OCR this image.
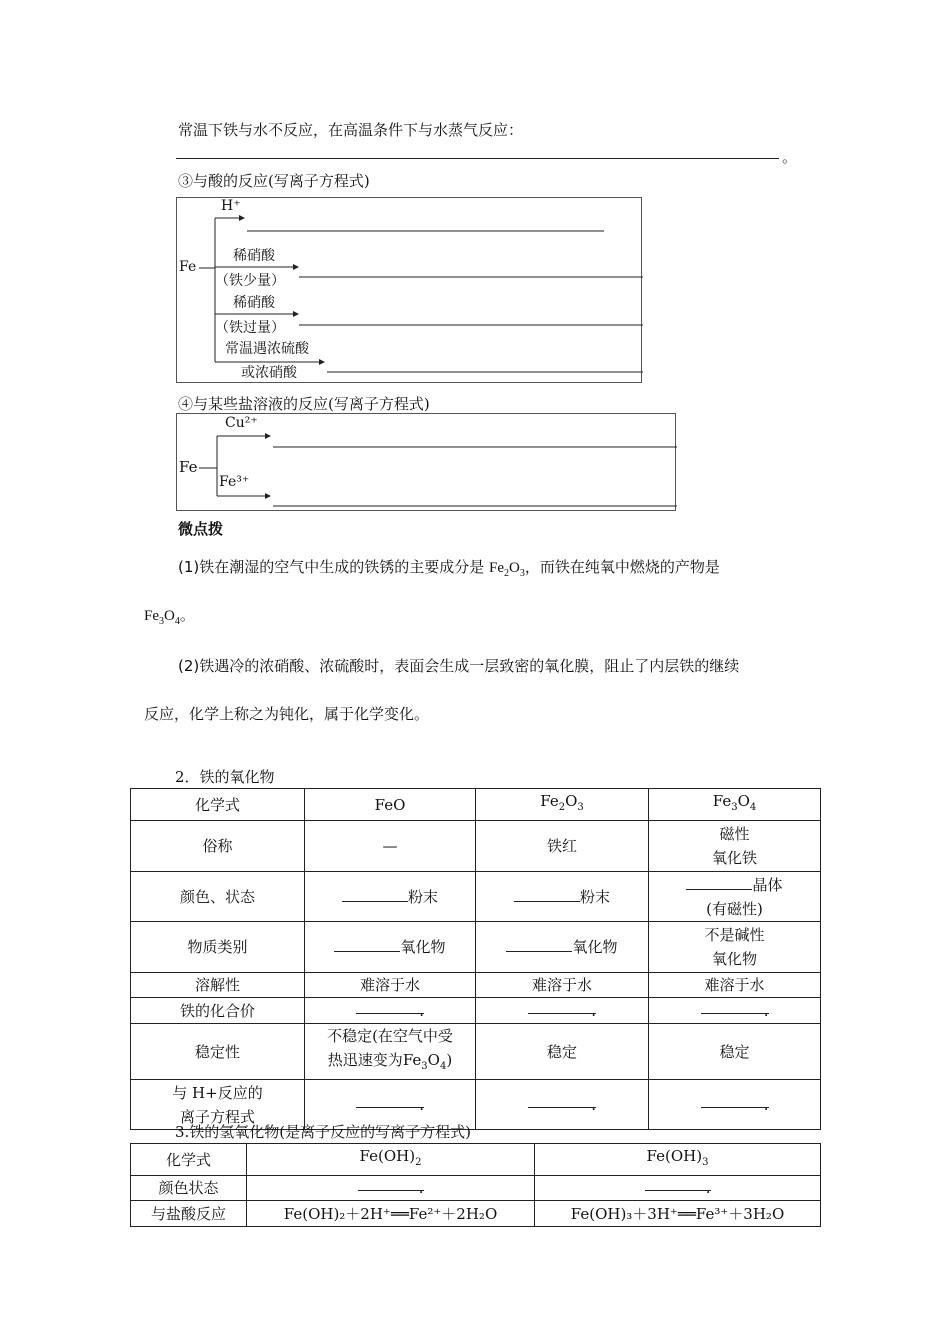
常温下铁与水不反应，在高温条件下与水蒸气反应：
。
③与酸的反应(写离子方程式)
Fe
H⁺
稀硝酸
（铁少量）
稀硝酸
（铁过量）
常温遇浓硫酸
或浓硝酸
④与某些盐溶液的反应(写离子方程式)
Fe
Cu²⁺
Fe³⁺
微点拨
(1)铁在潮湿的空气中生成的铁锈的主要成分是 $Fe_2O_3$，而铁在纯氧中燃烧的产物是
$Fe_3O_4$。
(2)铁遇冷的浓硝酸、浓硫酸时，表面会生成一层致密的氧化膜，阻止了内层铁的继续
反应，化学上称之为钝化，属于化学变化。
2．铁的氧化物
化学式	FeO	$Fe_2O_3$	$Fe_3O_4$
俗称	—	铁红	磁性
氧化铁

颜色、状态	粉末	粉末	晶体
(有磁性)

物质类别	氧化物	氧化物	不是碱性
氧化物

溶解性	难溶于水	难溶于水	难溶于水
铁的化合价	.	.	.
稳定性	不稳定(在空气中受
热迅速变为$Fe_3O_4$)	稳定	稳定

与 H+反应的
离子方程式	.	.	.
3.铁的氢氧化物(是离子反应的写离子方程式)
化学式	$Fe(OH)_2$	$Fe(OH)_3$
颜色状态	.	.
与盐酸反应	Fe(OH)₂＋2H⁺══Fe²⁺＋2H₂O	Fe(OH)₃＋3H⁺══Fe³⁺＋3H₂O
